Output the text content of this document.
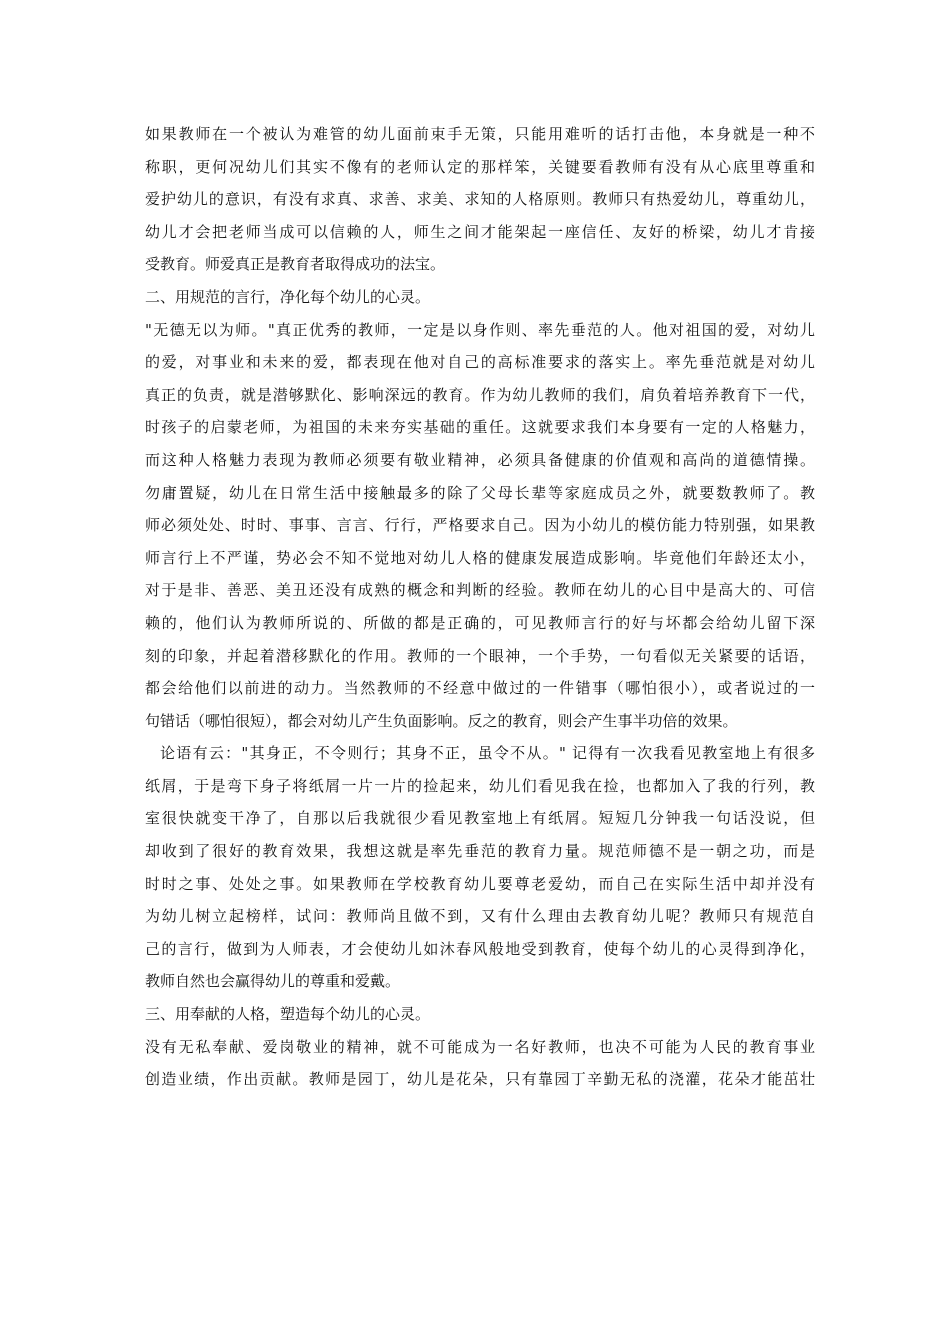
如果教师在一个被认为难管的幼儿面前束手无策，只能用难听的话打击他，本身就是一种不
称职，更何况幼儿们其实不像有的老师认定的那样笨，关键要看教师有没有从心底里尊重和
爱护幼儿的意识，有没有求真、求善、求美、求知的人格原则。教师只有热爱幼儿，尊重幼儿，
幼儿才会把老师当成可以信赖的人，师生之间才能架起一座信任、友好的桥梁，幼儿才肯接
受教育。师爱真正是教育者取得成功的法宝。
二、用规范的言行，净化每个幼儿的心灵。
"无德无以为师。"真正优秀的教师，一定是以身作则、率先垂范的人。他对祖国的爱，对幼儿
的爱，对事业和未来的爱，都表现在他对自己的高标准要求的落实上。率先垂范就是对幼儿
真正的负责，就是潜够默化、影响深远的教育。作为幼儿教师的我们，肩负着培养教育下一代，
时孩子的启蒙老师，为祖国的未来夯实基础的重任。这就要求我们本身要有一定的人格魅力，
而这种人格魅力表现为教师必须要有敬业精神，必须具备健康的价值观和高尚的道德情操。
勿庸置疑，幼儿在日常生活中接触最多的除了父母长辈等家庭成员之外，就要数教师了。教
师必须处处、时时、事事、言言、行行，严格要求自己。因为小幼儿的模仿能力特别强，如果教
师言行上不严谨，势必会不知不觉地对幼儿人格的健康发展造成影响。毕竟他们年龄还太小，
对于是非、善恶、美丑还没有成熟的概念和判断的经验。教师在幼儿的心目中是高大的、可信
赖的，他们认为教师所说的、所做的都是正确的，可见教师言行的好与坏都会给幼儿留下深
刻的印象，并起着潜移默化的作用。教师的一个眼神，一个手势，一句看似无关紧要的话语，
都会给他们以前进的动力。当然教师的不经意中做过的一件错事（哪怕很小），或者说过的一
句错话（哪怕很短），都会对幼儿产生负面影响。反之的教育，则会产生事半功倍的效果。
论语有云："其身正，不令则行；其身不正，虽令不从。" 记得有一次我看见教室地上有很多
纸屑，于是弯下身子将纸屑一片一片的捡起来，幼儿们看见我在捡，也都加入了我的行列，教
室很快就变干净了，自那以后我就很少看见教室地上有纸屑。短短几分钟我一句话没说，但
却收到了很好的教育效果，我想这就是率先垂范的教育力量。规范师德不是一朝之功，而是
时时之事、处处之事。如果教师在学校教育幼儿要尊老爱幼，而自己在实际生活中却并没有
为幼儿树立起榜样，试问：教师尚且做不到，又有什么理由去教育幼儿呢？教师只有规范自
己的言行，做到为人师表，才会使幼儿如沐春风般地受到教育，使每个幼儿的心灵得到净化，
教师自然也会赢得幼儿的尊重和爱戴。
三、用奉献的人格，塑造每个幼儿的心灵。
没有无私奉献、爱岗敬业的精神，就不可能成为一名好教师，也决不可能为人民的教育事业
创造业绩，作出贡献。教师是园丁，幼儿是花朵，只有靠园丁辛勤无私的浇灌，花朵才能茁壮
